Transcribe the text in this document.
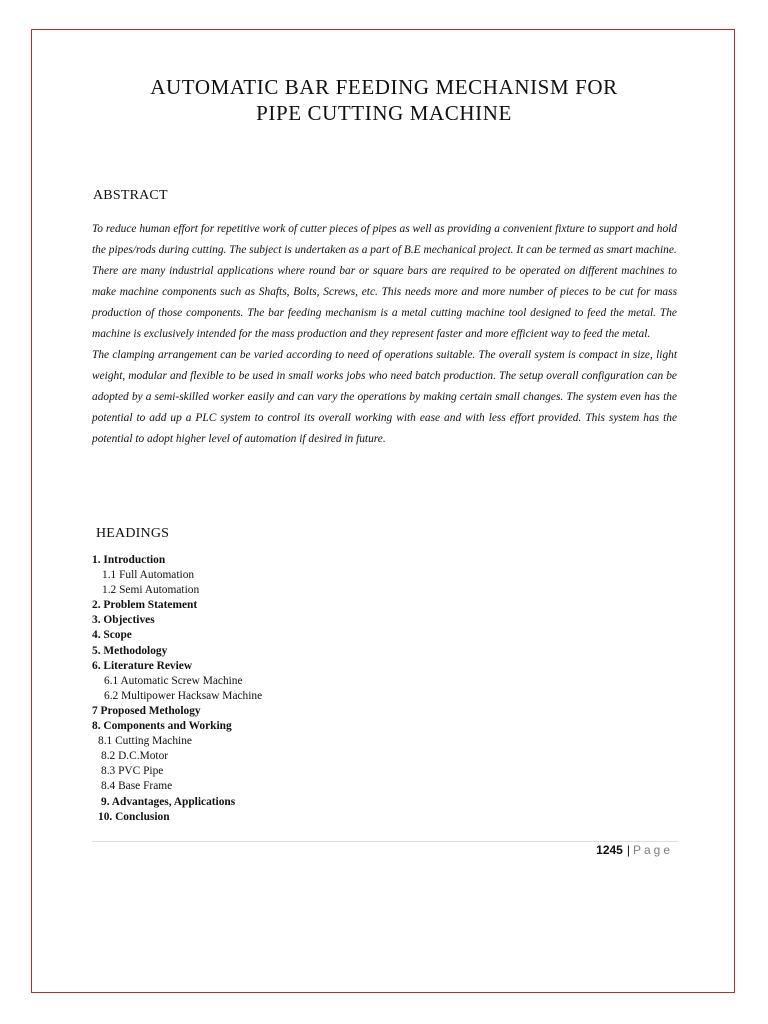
AUTOMATIC BAR FEEDING MECHANISM FOR
PIPE CUTTING MACHINE
ABSTRACT

To reduce human effort for repetitive work of cutter pieces of pipes as well as providing a convenient fixture to support and hold the pipes/rods during cutting. The subject is undertaken as a part of B.E mechanical project. It can be termed as smart machine.

There are many industrial applications where round bar or square bars are required to be operated on different machines to make machine components such as Shafts, Bolts, Screws, etc. This needs more and more number of pieces to be cut for mass production of those components. The bar feeding mechanism is a metal cutting machine tool designed to feed the metal. The machine is exclusively intended for the mass production and they represent faster and more efficient way to feed the metal.

The clamping arrangement can be varied according to need of operations suitable. The overall system is compact in size, light weight, modular and flexible to be used in small works jobs who need batch production. The setup overall configuration can be adopted by a semi-skilled worker easily and can vary the operations by making certain small changes. The system even has the potential to add up a PLC system to control its overall working with ease and with less effort provided. This system has the potential to adopt higher level of automation if desired in future.

HEADINGS
1. Introduction
1.1 Full Automation
1.2 Semi Automation
2. Problem Statement
3. Objectives
4. Scope
5. Methodology
6. Literature Review
6.1 Automatic Screw Machine
6.2 Multipower Hacksaw Machine
7 Proposed Methology
8. Components and Working
8.1 Cutting Machine
8.2 D.C.Motor
8.3 PVC Pipe
8.4 Base Frame
9. Advantages, Applications
10. Conclusion
1245 | Page
